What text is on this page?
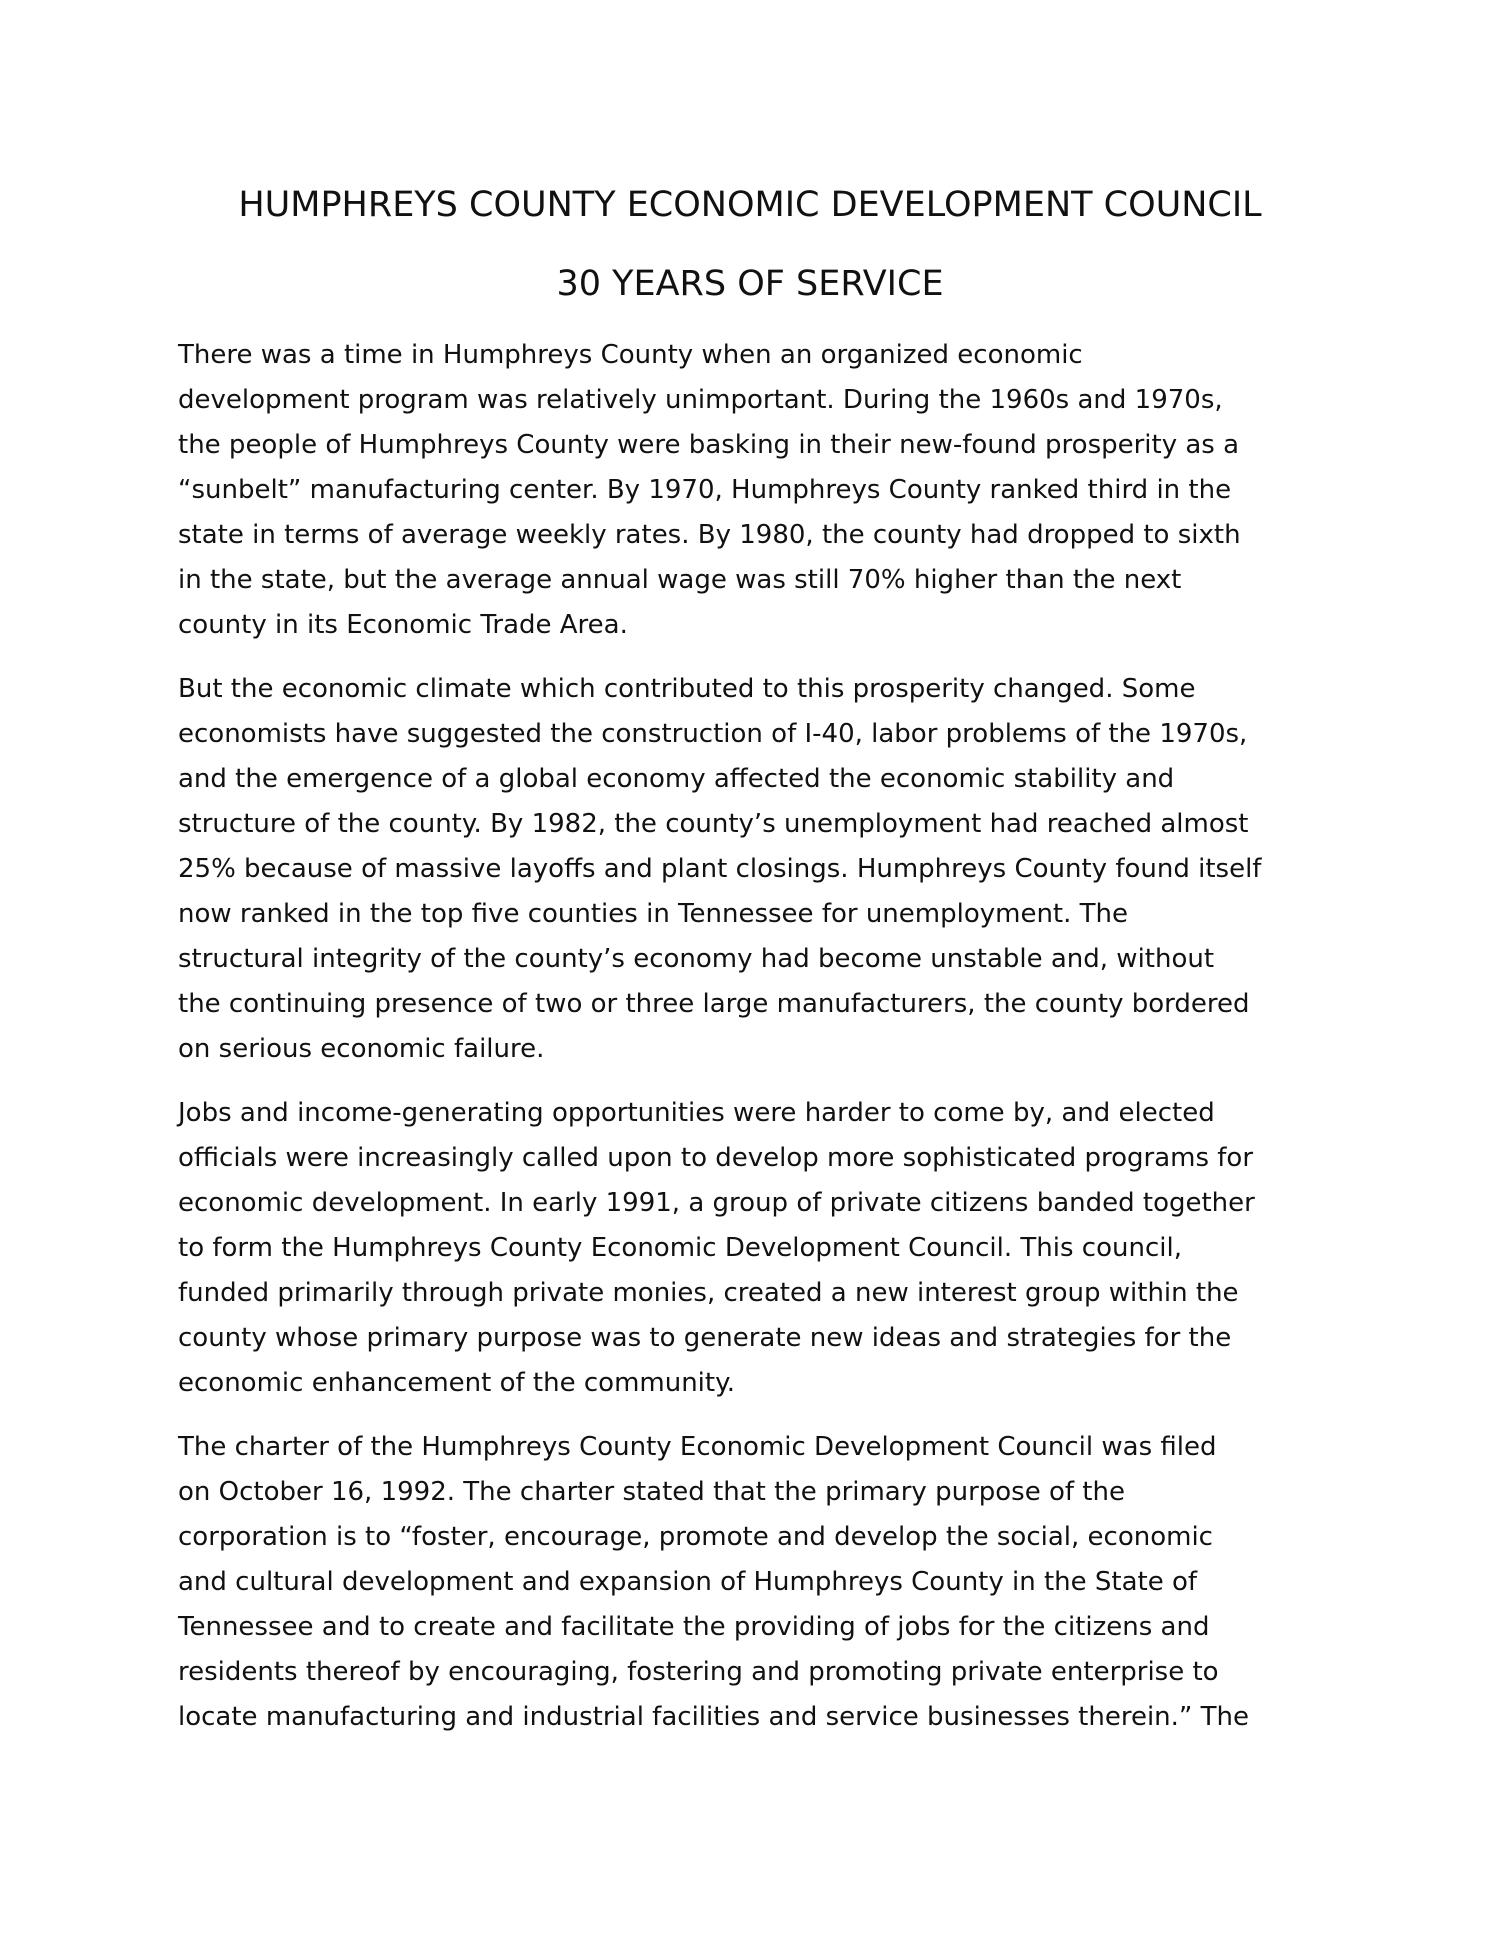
HUMPHREYS COUNTY ECONOMIC DEVELOPMENT COUNCIL
30 YEARS OF SERVICE
There was a time in Humphreys County when an organized economic
development program was relatively unimportant. During the 1960s and 1970s,
the people of Humphreys County were basking in their new-found prosperity as a
“sunbelt” manufacturing center. By 1970, Humphreys County ranked third in the
state in terms of average weekly rates. By 1980, the county had dropped to sixth
in the state, but the average annual wage was still 70% higher than the next
county in its Economic Trade Area.
But the economic climate which contributed to this prosperity changed. Some
economists have suggested the construction of I-40, labor problems of the 1970s,
and the emergence of a global economy affected the economic stability and
structure of the county. By 1982, the county’s unemployment had reached almost
25% because of massive layoffs and plant closings. Humphreys County found itself
now ranked in the top five counties in Tennessee for unemployment. The
structural integrity of the county’s economy had become unstable and, without
the continuing presence of two or three large manufacturers, the county bordered
on serious economic failure.
Jobs and income-generating opportunities were harder to come by, and elected
officials were increasingly called upon to develop more sophisticated programs for
economic development. In early 1991, a group of private citizens banded together
to form the Humphreys County Economic Development Council. This council,
funded primarily through private monies, created a new interest group within the
county whose primary purpose was to generate new ideas and strategies for the
economic enhancement of the community.
The charter of the Humphreys County Economic Development Council was filed
on October 16, 1992. The charter stated that the primary purpose of the
corporation is to “foster, encourage, promote and develop the social, economic
and cultural development and expansion of Humphreys County in the State of
Tennessee and to create and facilitate the providing of jobs for the citizens and
residents thereof by encouraging, fostering and promoting private enterprise to
locate manufacturing and industrial facilities and service businesses therein.” The
